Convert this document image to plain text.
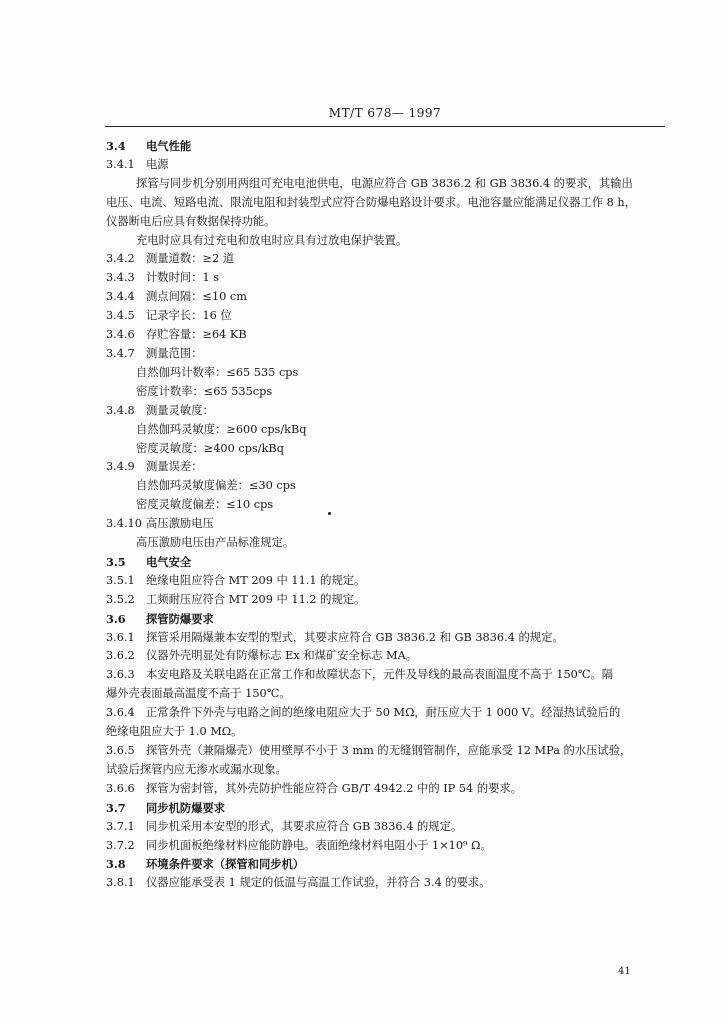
MT/T 678— 1997
3.4 电气性能
3.4.1 电源
探管与同步机分别用两组可充电电池供电，电源应符合 GB 3836.2 和 GB 3836.4 的要求，其输出
电压、电流、短路电流、限流电阻和封装型式应符合防爆电路设计要求。电池容量应能满足仪器工作 8 h，
仪器断电后应具有数据保持功能。
充电时应具有过充电和放电时应具有过放电保护装置。
3.4.2 测量道数：≥2 道
3.4.3 计数时间：1 s
3.4.4 测点间隔：≤10 cm
3.4.5 记录字长：16 位
3.4.6 存贮容量：≥64 KB
3.4.7 测量范围：
自然伽玛计数率：≤65 535 cps
密度计数率：≤65 535cps
3.4.8 测量灵敏度：
自然伽玛灵敏度：≥600 cps/kBq
密度灵敏度：≥400 cps/kBq
3.4.9 测量误差：
自然伽玛灵敏度偏差：≤30 cps
密度灵敏度偏差：≤10 cps
3.4.10 高压激励电压
高压激励电压由产品标准规定。
3.5 电气安全
3.5.1 绝缘电阻应符合 MT 209 中 11.1 的规定。
3.5.2 工频耐压应符合 MT 209 中 11.2 的规定。
3.6 探管防爆要求
3.6.1 探管采用隔爆兼本安型的型式，其要求应符合 GB 3836.2 和 GB 3836.4 的规定。
3.6.2 仪器外壳明显处有防爆标志 Ex 和煤矿安全标志 MA。
3.6.3 本安电路及关联电路在正常工作和故障状态下，元件及导线的最高表面温度不高于 150℃。隔
爆外壳表面最高温度不高于 150℃。
3.6.4 正常条件下外壳与电路之间的绝缘电阻应大于 50 MΩ，耐压应大于 1 000 V。经湿热试验后的
绝缘电阻应大于 1.0 MΩ。
3.6.5 探管外壳（兼隔爆壳）使用壁厚不小于 3 mm 的无缝钢管制作，应能承受 12 MPa 的水压试验，
试验后探管内应无渗水或漏水现象。
3.6.6 探管为密封管，其外壳防护性能应符合 GB/T 4942.2 中的 IP 54 的要求。
3.7 同步机防爆要求
3.7.1 同步机采用本安型的形式，其要求应符合 GB 3836.4 的规定。
3.7.2 同步机面板绝缘材料应能防静电。表面绝缘材料电阻小于 1×10⁹ Ω。
3.8 环境条件要求（探管和同步机）
3.8.1 仪器应能承受表 1 规定的低温与高温工作试验，并符合 3.4 的要求。
41
